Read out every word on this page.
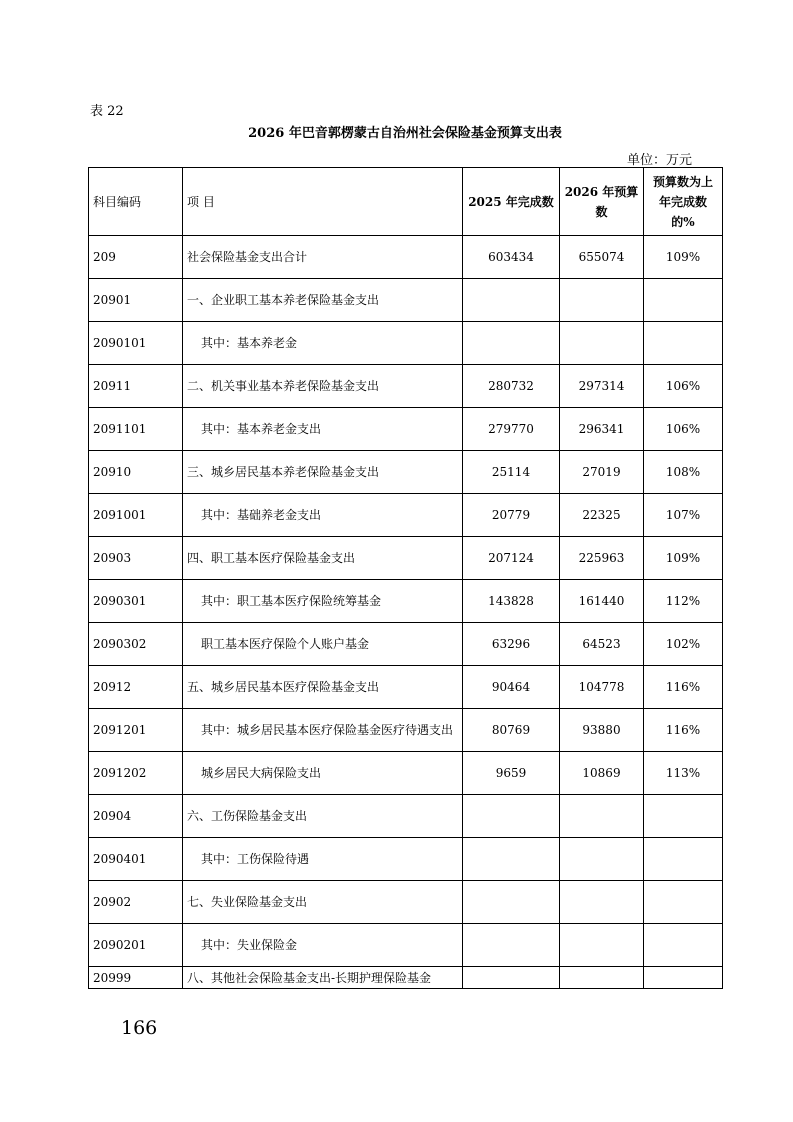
表 22
2026 年巴音郭楞蒙古自治州社会保险基金预算支出表
单位：万元
科目编码	项 目	2025 年完成数	2026 年预算数	预算数为上年完成数的%
209	社会保险基金支出合计	603434	655074	109%
20901	一、企业职工基本养老保险基金支出			
2090101	其中：基本养老金			
20911	二、机关事业基本养老保险基金支出	280732	297314	106%
2091101	其中：基本养老金支出	279770	296341	106%
20910	三、城乡居民基本养老保险基金支出	25114	27019	108%
2091001	其中：基础养老金支出	20779	22325	107%
20903	四、职工基本医疗保险基金支出	207124	225963	109%
2090301	其中：职工基本医疗保险统筹基金	143828	161440	112%
2090302	职工基本医疗保险个人账户基金	63296	64523	102%
20912	五、城乡居民基本医疗保险基金支出	90464	104778	116%
2091201	其中：城乡居民基本医疗保险基金医疗待遇支出	80769	93880	116%
2091202	城乡居民大病保险支出	9659	10869	113%
20904	六、工伤保险基金支出			
2090401	其中：工伤保险待遇			
20902	七、失业保险基金支出			
2090201	其中：失业保险金			
20999	八、其他社会保险基金支出-长期护理保险基金			
166
